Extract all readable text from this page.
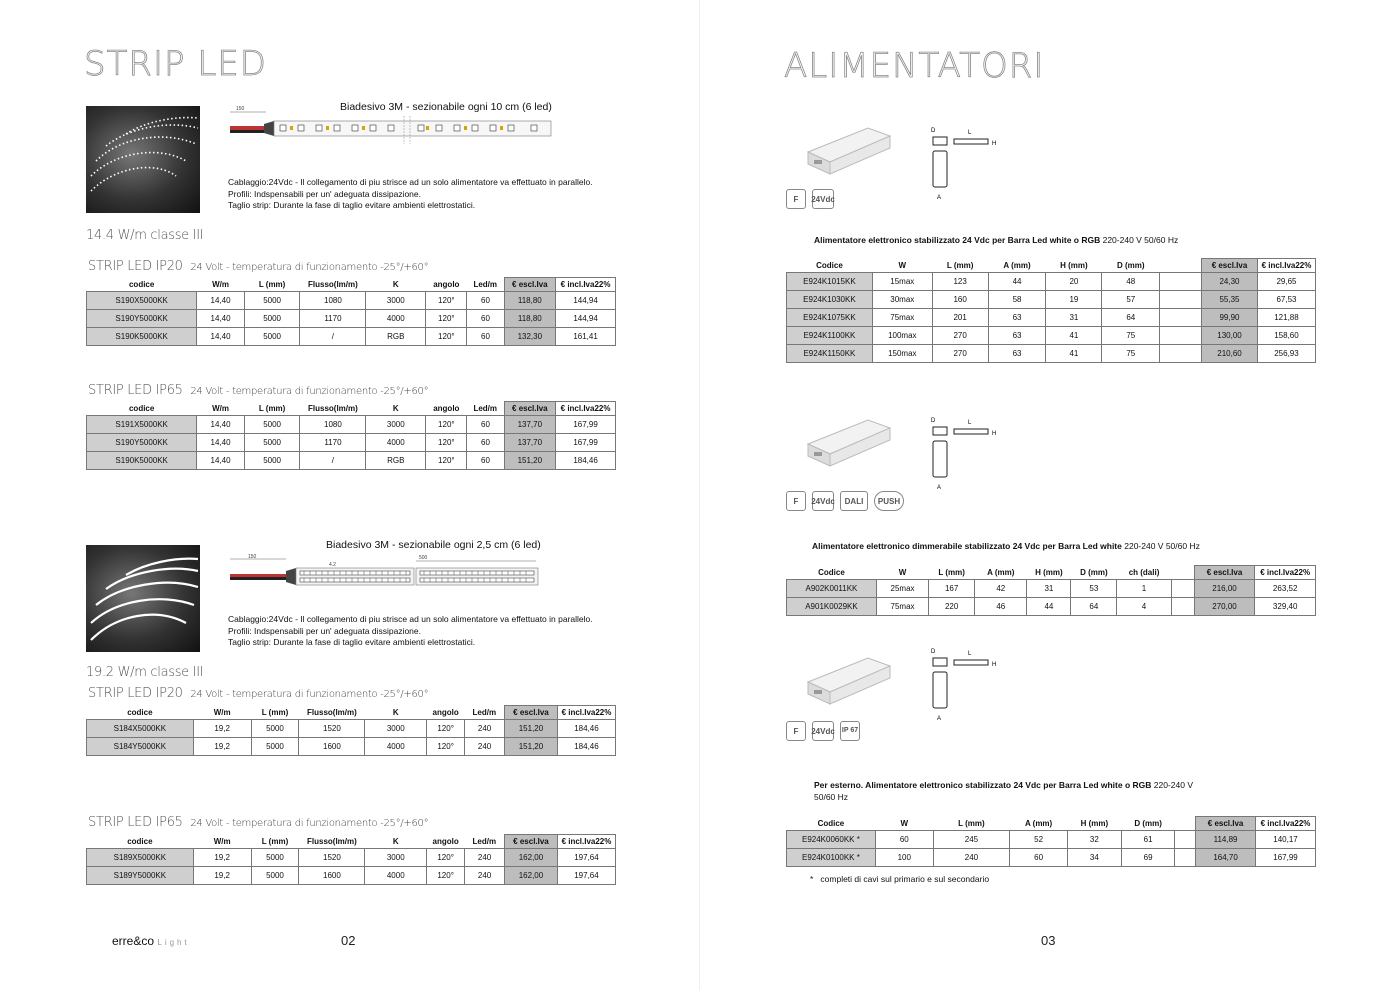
STRIP LED
Biadesivo 3M - sezionabile ogni 10 cm (6 led)
150
Cablaggio:24Vdc - Il collegamento di piu strisce ad un solo alimentatore va effettuato in parallelo.
Profili: Indspensabili per un' adeguata dissipazione.
Taglio strip: Durante la fase di taglio evitare ambienti elettrostatici.
14.4 W/m classe III
STRIP LED IP20 24 Volt - temperatura di funzionamento -25°/+60°
codice	W/m	L (mm)	Flusso(lm/m)	K	angolo	Led/m	€ escl.Iva	€ incl.Iva22%
S190X5000KK	14,40	5000	1080	3000	120°	60	118,80	144,94
S190Y5000KK	14,40	5000	1170	4000	120°	60	118,80	144,94
S190K5000KK	14,40	5000	/	RGB	120°	60	132,30	161,41
STRIP LED IP65 24 Volt - temperatura di funzionamento -25°/+60°
codice	W/m	L (mm)	Flusso(lm/m)	K	angolo	Led/m	€ escl.Iva	€ incl.Iva22%
S191X5000KK	14,40	5000	1080	3000	120°	60	137,70	167,99
S190Y5000KK	14,40	5000	1170	4000	120°	60	137,70	167,99
S190K5000KK	14,40	5000	/	RGB	120°	60	151,20	184,46
Biadesivo 3M - sezionabile ogni 2,5 cm (6 led)
150	500
4.2
Cablaggio:24Vdc - Il collegamento di piu strisce ad un solo alimentatore va effettuato in parallelo.
Profili: Indspensabili per un' adeguata dissipazione.
Taglio strip: Durante la fase di taglio evitare ambienti elettrostatici.
19.2 W/m classe III
STRIP LED IP20 24 Volt - temperatura di funzionamento -25°/+60°
codice	W/m	L (mm)	Flusso(lm/m)	K	angolo	Led/m	€ escl.Iva	€ incl.Iva22%
S184X5000KK	19,2	5000	1520	3000	120°	240	151,20	184,46
S184Y5000KK	19,2	5000	1600	4000	120°	240	151,20	184,46
STRIP LED IP65 24 Volt - temperatura di funzionamento -25°/+60°
codice	W/m	L (mm)	Flusso(lm/m)	K	angolo	Led/m	€ escl.Iva	€ incl.Iva22%
S189X5000KK	19,2	5000	1520	3000	120°	240	162,00	197,64
S189Y5000KK	19,2	5000	1600	4000	120°	240	162,00	197,64
erre&co Light	02
ALIMENTATORI
D	L
H
A
F	24Vdc
Alimentatore elettronico stabilizzato 24 Vdc per Barra Led white o RGB 220-240 V 50/60 Hz
Codice	W	L (mm)	A (mm)	H (mm)	D (mm)		€ escl.Iva	€ incl.Iva22%
E924K1015KK	15max	123	44	20	48		24,30	29,65
E924K1030KK	30max	160	58	19	57		55,35	67,53
E924K1075KK	75max	201	63	31	64		99,90	121,88
E924K1100KK	100max	270	63	41	75		130,00	158,60
E924K1150KK	150max	270	63	41	75		210,60	256,93
D	L
H
A
F	24Vdc	DALI	PUSH
Alimentatore elettronico dimmerabile stabilizzato 24 Vdc per Barra Led white 220-240 V 50/60 Hz
Codice	W	L (mm)	A (mm)	H (mm)	D (mm)	ch (dali)		€ escl.Iva	€ incl.Iva22%
A902K0011KK	25max	167	42	31	53	1		216,00	263,52
A901K0029KK	75max	220	46	44	64	4		270,00	329,40
D	L
H
A
F	24Vdc IP 67
Per esterno. Alimentatore elettronico stabilizzato 24 Vdc per Barra Led white o RGB 220-240 V
50/60 Hz
Codice	W	L (mm)	A (mm)	H (mm)	D (mm)		€ escl.Iva	€ incl.Iva22%
E924K0060KK *	60	245	52	32	61		114,89	140,17
E924K0100KK *	100	240	60	34	69		164,70	167,99
* completi di cavi sul primario e sul secondario
03
